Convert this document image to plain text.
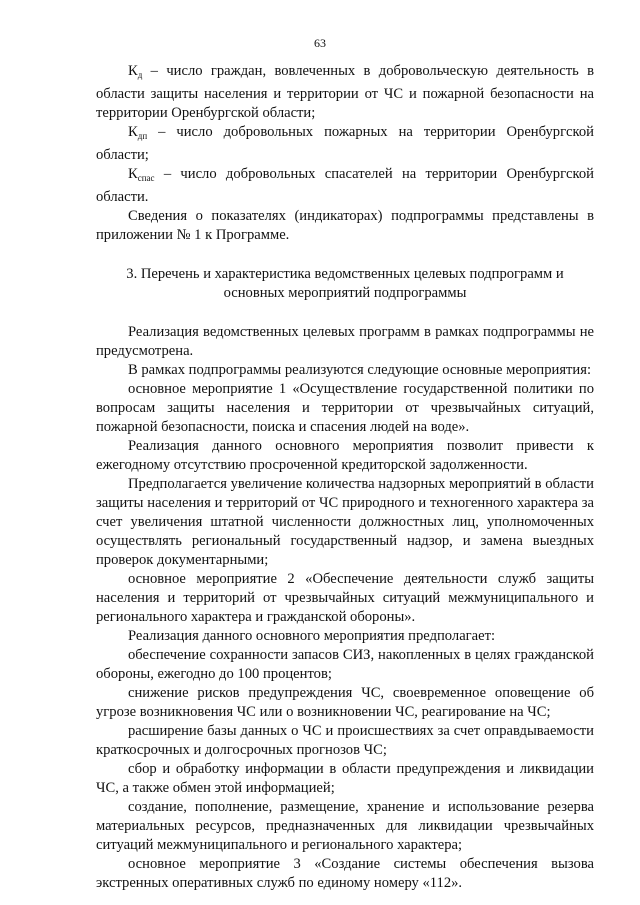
63

$К_д$ – число граждан, вовлеченных в добровольческую деятельность в области защиты населения и территории от ЧС и пожарной безопасности на территории Оренбургской области;

$К_{дп}$ – число добровольных пожарных на территории Оренбургской области;

$К_{спас}$ – число добровольных спасателей на территории Оренбургской области.

Сведения о показателях (индикаторах) подпрограммы представлены в приложении № 1 к Программе.

3. Перечень и характеристика ведомственных целевых подпрограмм и
основных мероприятий подпрограммы

Реализация ведомственных целевых программ в рамках подпрограммы не предусмотрена.

В рамках подпрограммы реализуются следующие основные мероприятия:

основное мероприятие 1 «Осуществление государственной политики по вопросам защиты населения и территории от чрезвычайных ситуаций, пожарной безопасности, поиска и спасения людей на воде».

Реализация данного основного мероприятия позволит привести к ежегодному отсутствию просроченной кредиторской задолженности.

Предполагается увеличение количества надзорных мероприятий в области защиты населения и территорий от ЧС природного и техногенного характера за счет увеличения штатной численности должностных лиц, уполномоченных осуществлять региональный государственный надзор, и замена выездных проверок документарными;

основное мероприятие 2 «Обеспечение деятельности служб защиты населения и территорий от чрезвычайных ситуаций межмуниципального и регионального характера и гражданской обороны».

Реализация данного основного мероприятия предполагает:

обеспечение сохранности запасов СИЗ, накопленных в целях гражданской обороны, ежегодно до 100 процентов;

снижение рисков предупреждения ЧС, своевременное оповещение об угрозе возникновения ЧС или о возникновении ЧС, реагирование на ЧС;

расширение базы данных о ЧС и происшествиях за счет оправдываемости краткосрочных и долгосрочных прогнозов ЧС;

сбор и обработку информации в области предупреждения и ликвидации ЧС, а также обмен этой информацией;

создание, пополнение, размещение, хранение и использование резерва материальных ресурсов, предназначенных для ликвидации чрезвычайных ситуаций межмуниципального и регионального характера;

основное мероприятие 3 «Создание системы обеспечения вызова экстренных оперативных служб по единому номеру «112».
